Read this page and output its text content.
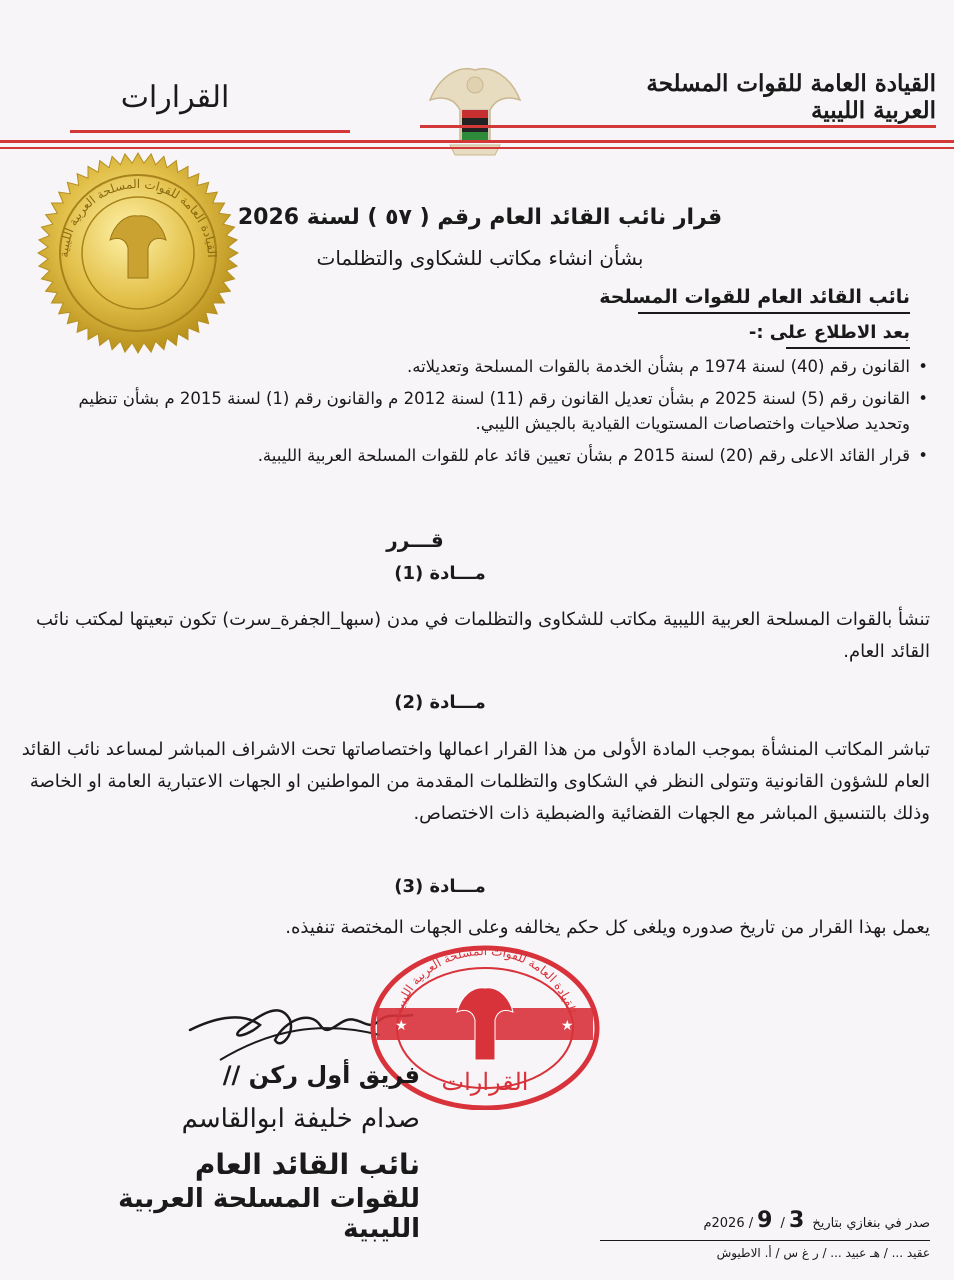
القيادة العامة للقوات المسلحة العربية الليبية
القرارات
القيادة العامة للقوات المسلحة العربية الليبية
قرار نائب القائد العام رقم ( ٥٧ ) لسنة 2026
بشأن انشاء مكاتب للشكاوى والتظلمات
نائب القائد العام للقوات المسلحة
بعد الاطلاع على :-
• القانون رقم (40) لسنة 1974 م بشأن الخدمة بالقوات المسلحة وتعديلاته.
• القانون رقم (5) لسنة 2025 م بشأن تعديل القانون رقم (11) لسنة 2012 م والقانون رقم (1) لسنة 2015 م بشأن تنظيم وتحديد صلاحيات واختصاصات المستويات القيادية بالجيش الليبي.
• قرار القائد الاعلى رقم (20) لسنة 2015 م بشأن تعيين قائد عام للقوات المسلحة العربية الليبية.
قـــرر
مـــادة (1)
تنشأ بالقوات المسلحة العربية الليبية مكاتب للشكاوى والتظلمات في مدن (سبها_الجفرة_سرت) تكون تبعيتها لمكتب نائب القائد العام.
مـــادة (2)
تباشر المكاتب المنشأة بموجب المادة الأولى من هذا القرار اعمالها واختصاصاتها تحت الاشراف المباشر لمساعد نائب القائد العام للشؤون القانونية وتتولى النظر في الشكاوى والتظلمات المقدمة من المواطنين او الجهات الاعتبارية العامة او الخاصة وذلك بالتنسيق المباشر مع الجهات القضائية والضبطية ذات الاختصاص.
مـــادة (3)
يعمل بهذا القرار من تاريخ صدوره ويلغى كل حكم يخالفه وعلى الجهات المختصة تنفيذه.
★	★
القيادة العامة للقوات المسلحة العربية الليبية
القرارات
فريق أول ركن //
صدام خليفة ابوالقاسم
نائب القائد العام
للقوات المسلحة العربية الليبية	صدر في بنغازي بتاريخ 3/ 9/ 2026م
عقيد ... / هـ عبيد ... / ر غ س / أ. الاطيوش
